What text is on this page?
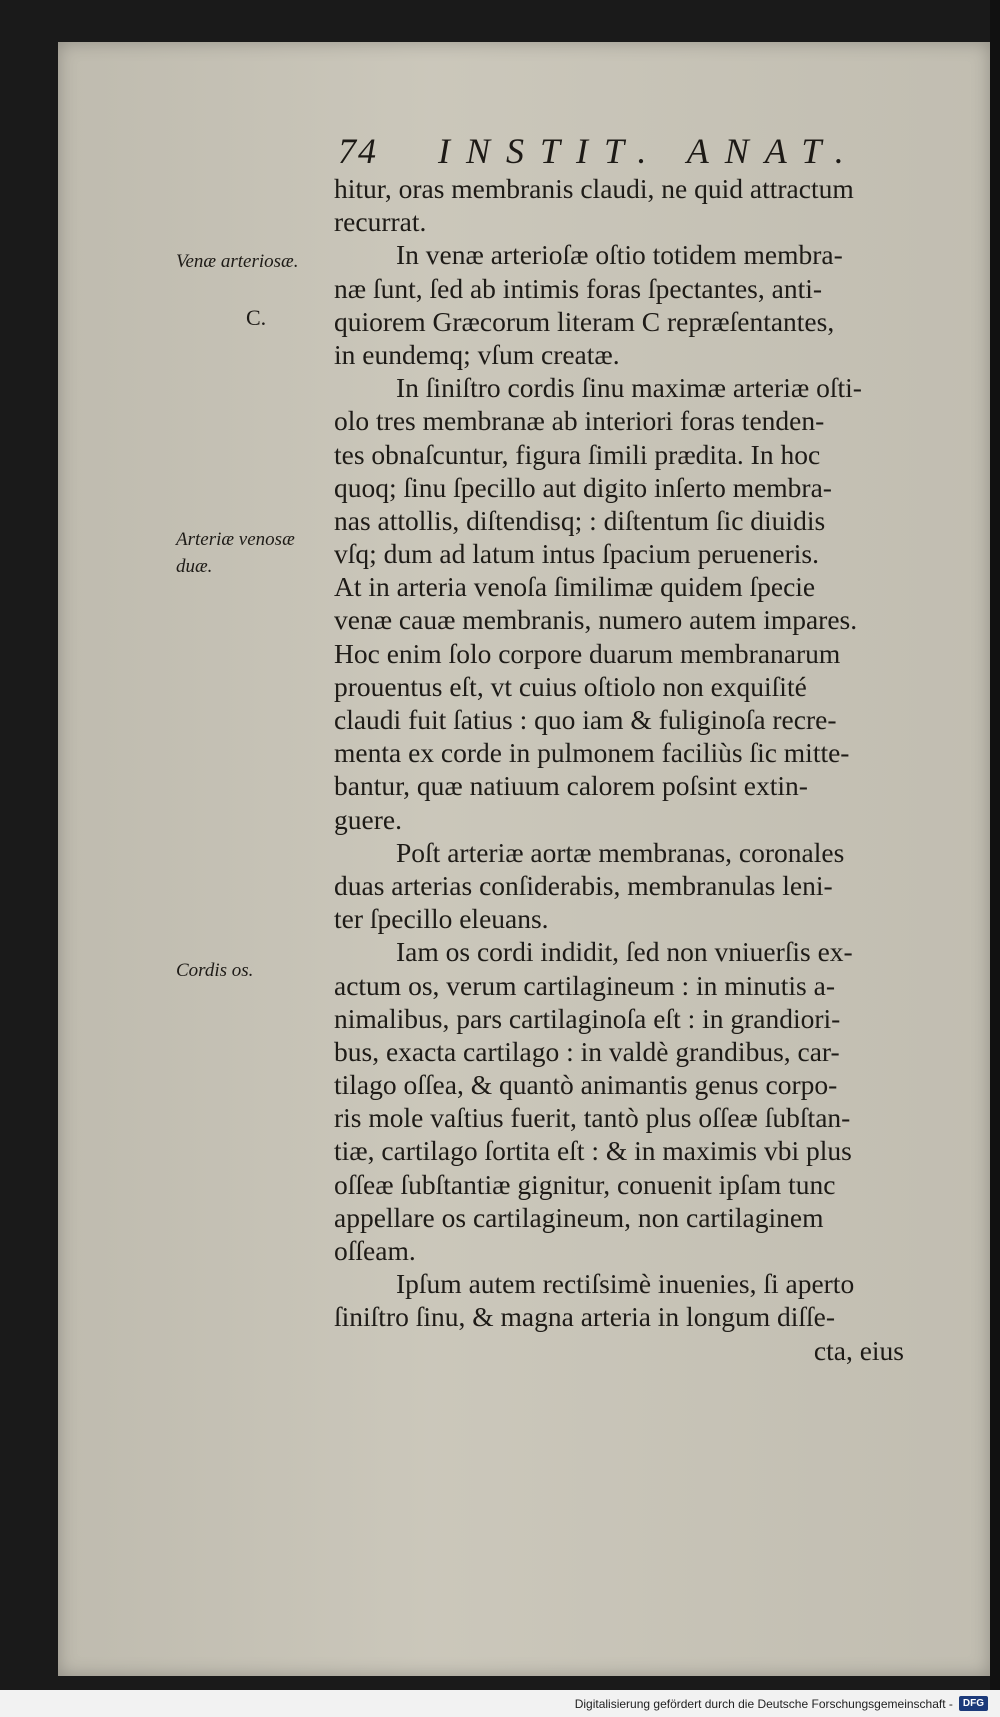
74 INSTIT. ANAT.
Venæ arteriosæ.
C.
Arteriæ venosæ duæ.
Cordis os.
hitur, oras membranis claudi, ne quid attractum
recurrat.
In venæ arterioſæ oſtio totidem membra-
næ ſunt, ſed ab intimis foras ſpectantes, anti-
quiorem Græcorum literam C repræſentantes,
in eundemq; vſum creatæ.
In ſiniſtro cordis ſinu maximæ arteriæ oſti-
olo tres membranæ ab interiori foras tenden-
tes obnaſcuntur, figura ſimili prædita. In hoc
quoq; ſinu ſpecillo aut digito inſerto membra-
nas attollis, diſtendisq; : diſtentum ſic diuidis
vſq; dum ad latum intus ſpacium perueneris.
At in arteria venoſa ſimilimæ quidem ſpecie
venæ cauæ membranis, numero autem impares.
Hoc enim ſolo corpore duarum membranarum
prouentus eſt, vt cuius oſtiolo non exquiſité
claudi fuit ſatius : quo iam & fuliginoſa recre-
menta ex corde in pulmonem faciliùs ſic mitte-
bantur, quæ natiuum calorem poſsint extin-
guere.
Poſt arteriæ aortæ membranas, coronales
duas arterias conſiderabis, membranulas leni-
ter ſpecillo eleuans.
Iam os cordi indidit, ſed non vniuerſis ex-
actum os, verum cartilagineum : in minutis a-
nimalibus, pars cartilaginoſa eſt : in grandiori-
bus, exacta cartilago : in valdè grandibus, car-
tilago oſſea, & quantò animantis genus corpo-
ris mole vaſtius fuerit, tantò plus oſſeæ ſubſtan-
tiæ, cartilago ſortita eſt : & in maximis vbi plus
oſſeæ ſubſtantiæ gignitur, conuenit ipſam tunc
appellare os cartilagineum, non cartilaginem
oſſeam.
Ipſum autem rectiſsimè inuenies, ſi aperto
ſiniſtro ſinu, & magna arteria in longum diſſe-
cta, eius
Digitalisierung gefördert durch die Deutsche Forschungsgemeinschaft -	DFG
